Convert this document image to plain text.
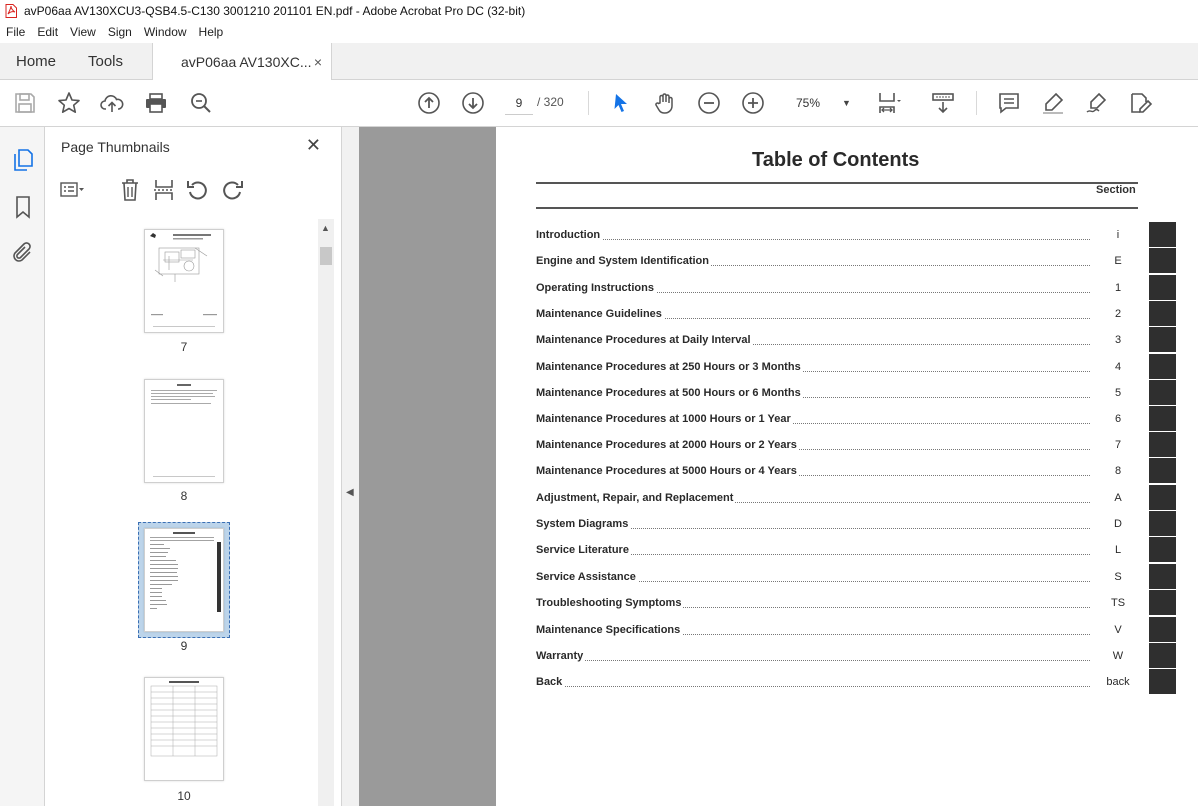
avP06aa AV130XCU3-QSB4.5-C130 3001210 201101 EN.pdf - Adobe Acrobat Pro DC (32-bit)
File	Edit	View	Sign	Window	Help
Home Tools	avP06aa AV130XC... ×
9	/ 320	75% ▼
Page Thumbnails	✕
7
8
9
10
▲
◀
Table of Contents
Section
Introduction	i
Engine and System Identification	E
Operating Instructions	1
Maintenance Guidelines	2
Maintenance Procedures at Daily Interval	3
Maintenance Procedures at 250 Hours or 3 Months	4
Maintenance Procedures at 500 Hours or 6 Months	5
Maintenance Procedures at 1000 Hours or 1 Year	6
Maintenance Procedures at 2000 Hours or 2 Years	7
Maintenance Procedures at 5000 Hours or 4 Years	8
Adjustment, Repair, and Replacement	A
System Diagrams	D
Service Literature	L
Service Assistance	S
Troubleshooting Symptoms	TS
Maintenance Specifications	V
Warranty	W
Back	back
